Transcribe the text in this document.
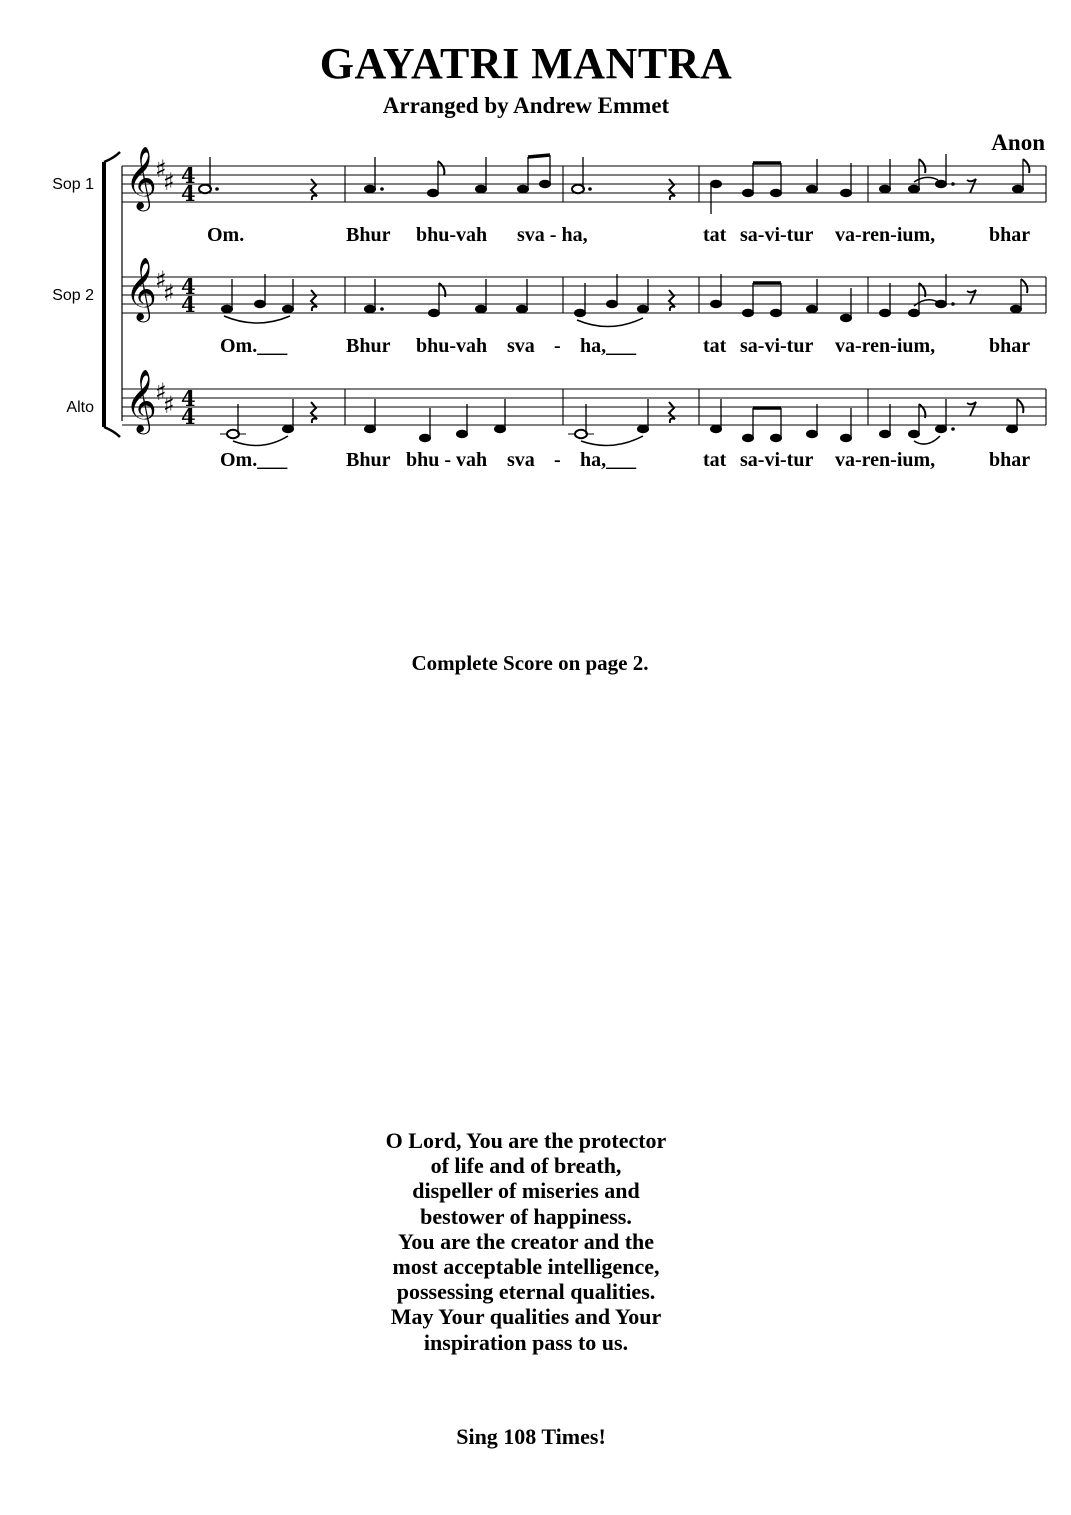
GAYATRI MANTRA
Arranged by Andrew Emmet
Anon
Sop 1
Sop 2
Alto
𝄞
♯
♯ 4
4
Om.	Bhur bhu-vah sva - ha,	tat sa-vi-tur va-ren-ium,	bhar
𝄞
♯
♯ 4
4
Om.___	Bhur bhu-vah sva - ha,___	tat sa-vi-tur va-ren-ium,	bhar
𝄞
♯
♯ 4
4
Om.___	Bhur bhu - vah sva - ha,___	tat sa-vi-tur va-ren-ium,	bhar
Complete Score on page 2.
O Lord, You are the protector
of life and of breath,
dispeller of miseries and
bestower of happiness.
You are the creator and the
most acceptable intelligence,
possessing eternal qualities.
May Your qualities and Your
inspiration pass to us.
Sing 108 Times!
